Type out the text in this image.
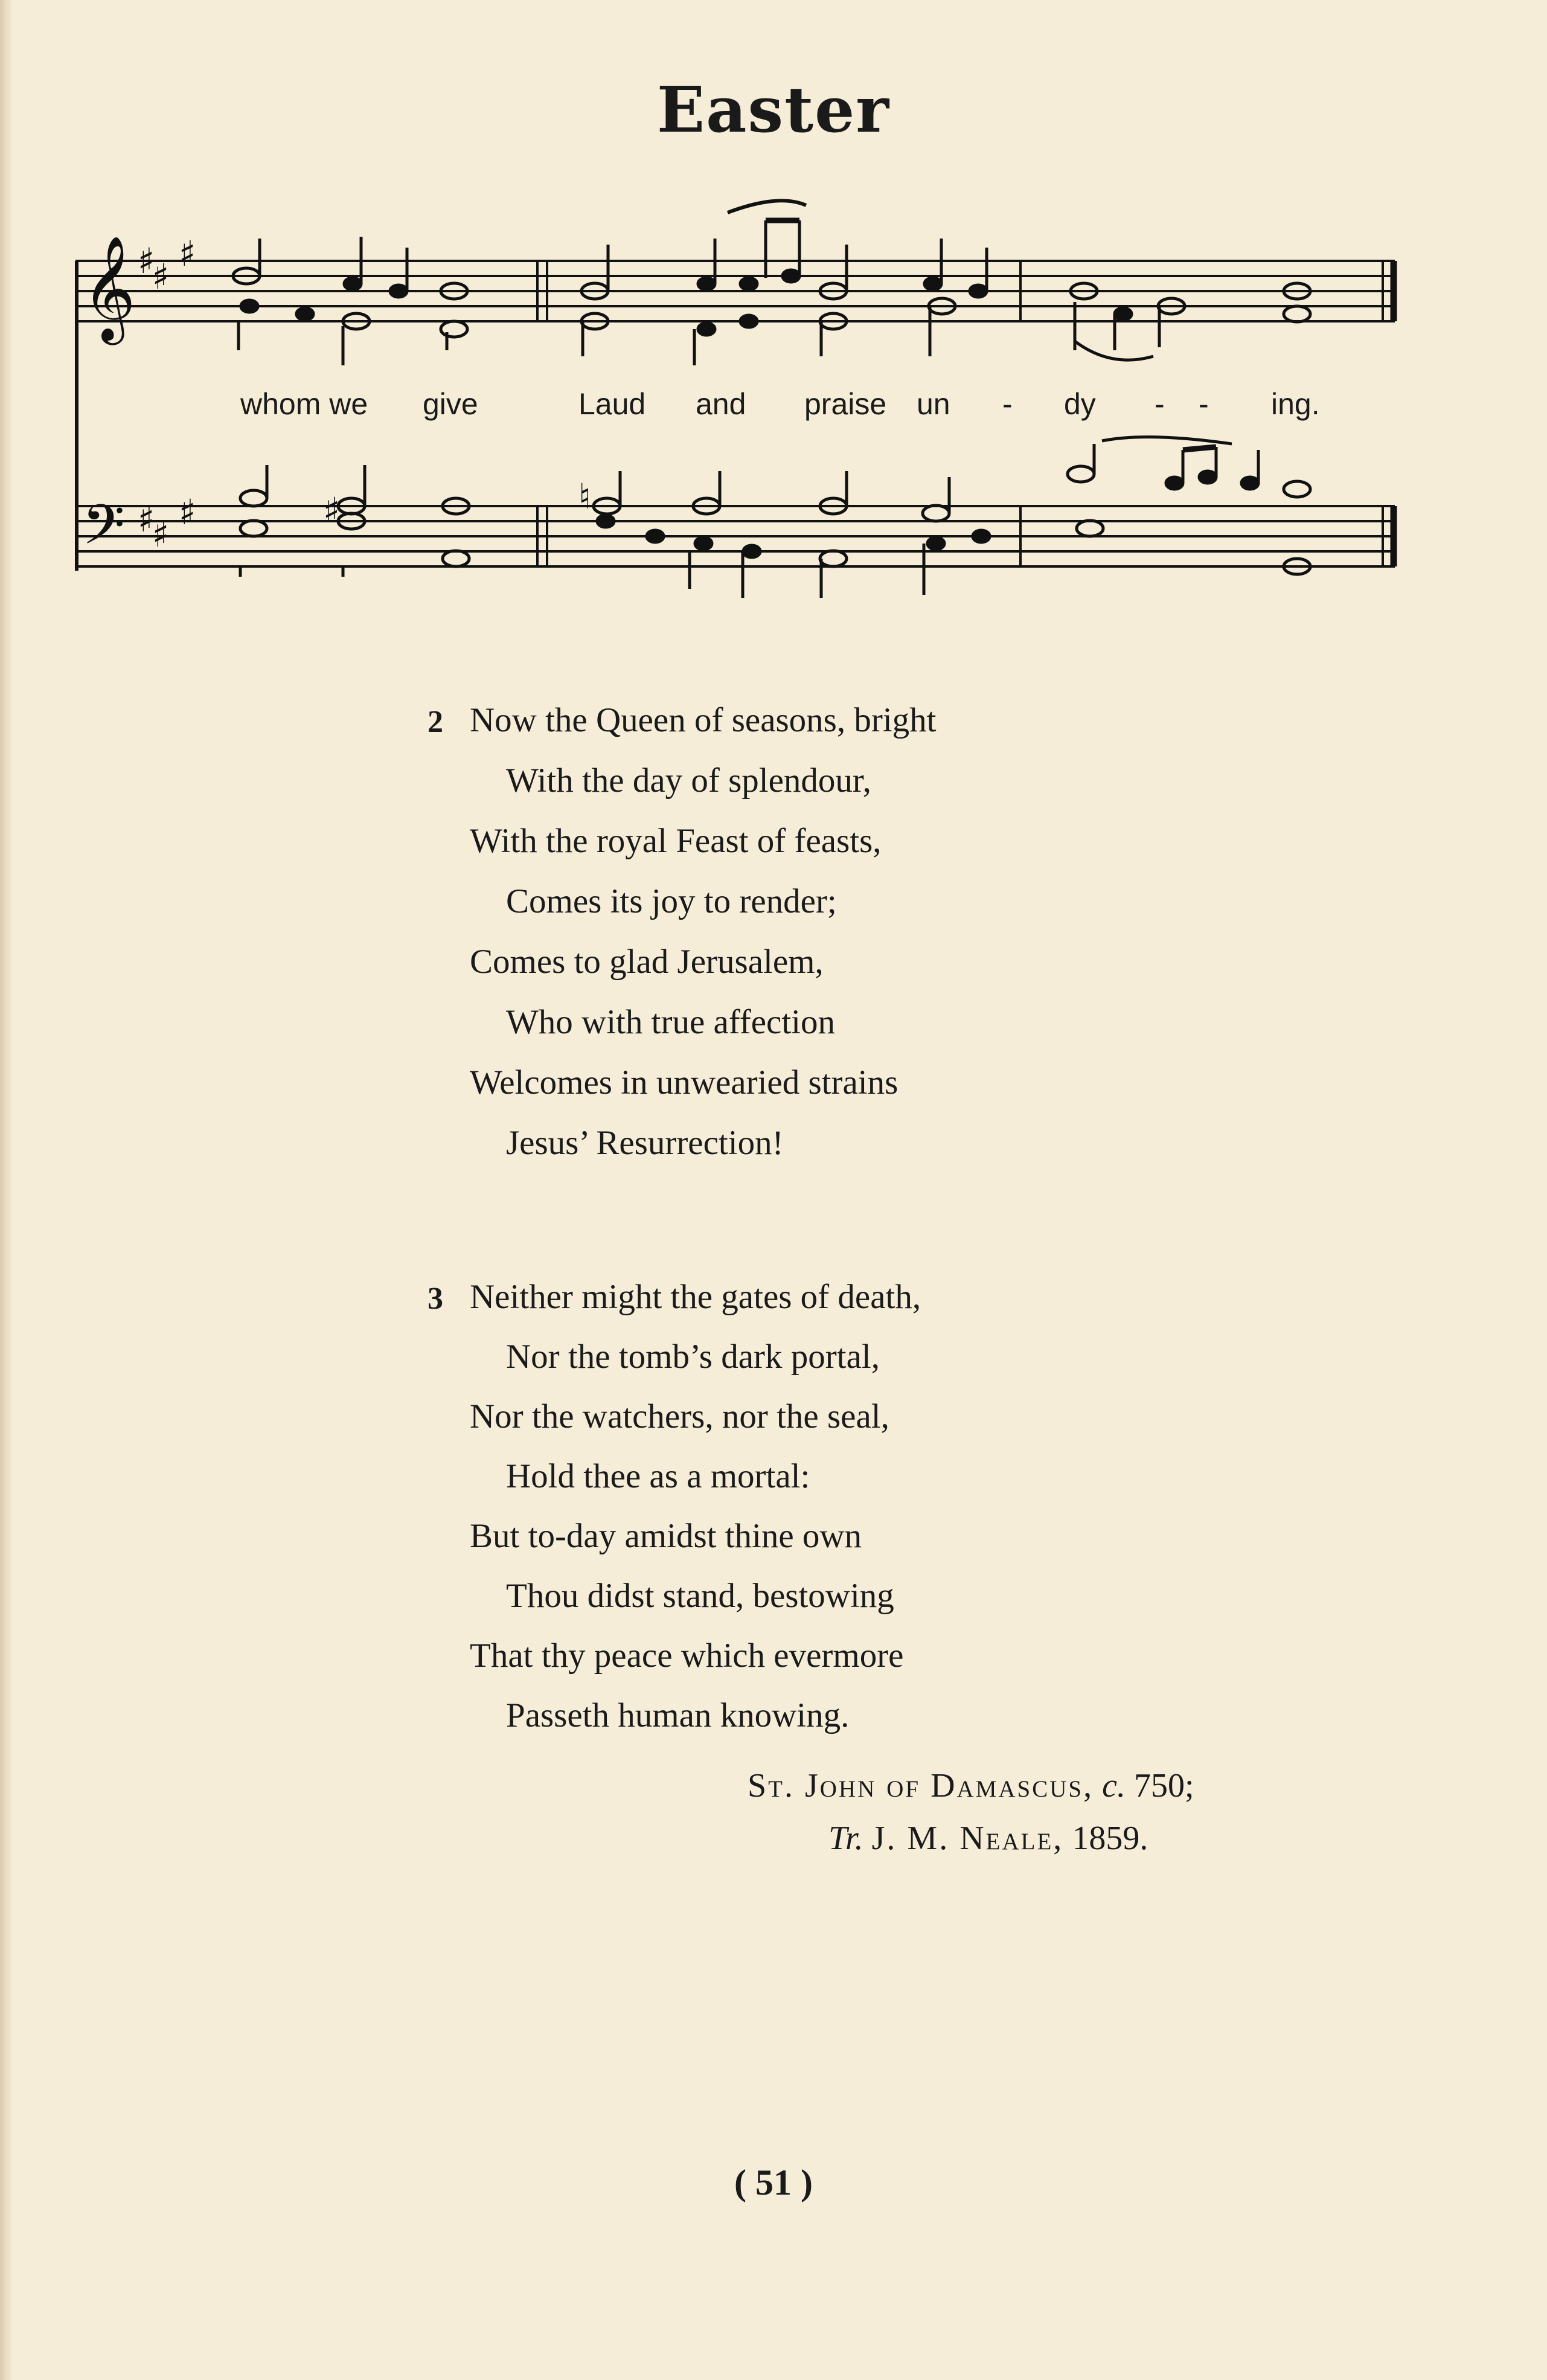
Easter
𝄞 ♯
♯
♯
𝄢 ♯
♯
♯	♯	♮
whom we give	Laud and praise un - dy - - ing.
2 Now the Queen of seasons, bright
With the day of splendour,
With the royal Feast of feasts,
Comes its joy to render;
Comes to glad Jerusalem,
Who with true affection
Welcomes in unwearied strains
Jesus’ Resurrection!
3 Neither might the gates of death,
Nor the tomb’s dark portal,
Nor the watchers, nor the seal,
Hold thee as a mortal:
But to-day amidst thine own
Thou didst stand, bestowing
That thy peace which evermore
Passeth human knowing.
St. John of Damascus, c. 750;
Tr. J. M. Neale, 1859.
( 51 )
